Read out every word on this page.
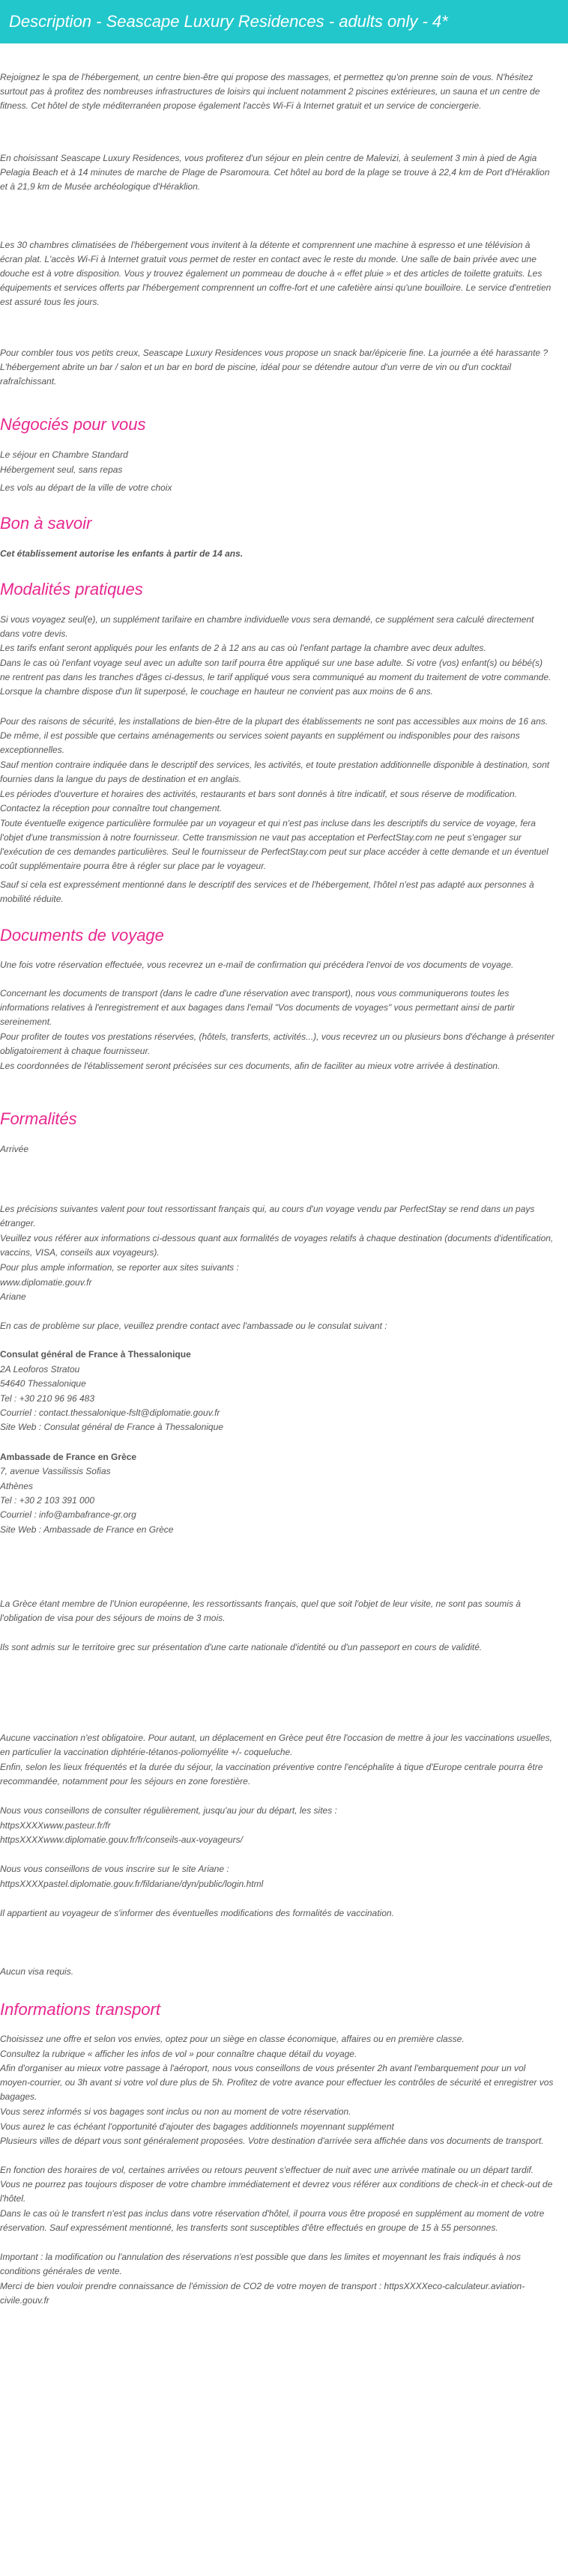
Description - Seascape Luxury Residences - adults only - 4*

Rejoignez le spa de l'hébergement, un centre bien-être qui propose des massages, et permettez qu'on prenne soin de vous. N'hésitez surtout pas à profitez des nombreuses infrastructures de loisirs qui incluent notamment 2 piscines extérieures, un sauna et un centre de fitness. Cet hôtel de style méditerranéen propose également l'accès Wi-Fi à Internet gratuit et un service de conciergerie.

En choisissant Seascape Luxury Residences, vous profiterez d'un séjour en plein centre de Malevizi, à seulement 3 min à pied de Agia Pelagia Beach et à 14 minutes de marche de Plage de Psaromoura. Cet hôtel au bord de la plage se trouve à 22,4 km de Port d'Héraklion et à 21,9 km de Musée archéologique d'Héraklion.

Les 30 chambres climatisées de l'hébergement vous invitent à la détente et comprennent une machine à espresso et une télévision à écran plat. L'accès Wi-Fi à Internet gratuit vous permet de rester en contact avec le reste du monde. Une salle de bain privée avec une douche est à votre disposition. Vous y trouvez également un pommeau de douche à « effet pluie » et des articles de toilette gratuits. Les équipements et services offerts par l'hébergement comprennent un coffre-fort et une cafetière ainsi qu'une bouilloire. Le service d'entretien est assuré tous les jours.

Pour combler tous vos petits creux, Seascape Luxury Residences vous propose un snack bar/épicerie fine. La journée a été harassante ? L'hébergement abrite un bar / salon et un bar en bord de piscine, idéal pour se détendre autour d'un verre de vin ou d'un cocktail rafraîchissant.

Négociés pour vous

Le séjour en Chambre Standard

Hébergement seul, sans repas

Les vols au départ de la ville de votre choix

Bon à savoir

Cet établissement autorise les enfants à partir de 14 ans.

Modalités pratiques

Si vous voyagez seul(e), un supplément tarifaire en chambre individuelle vous sera demandé, ce supplément sera calculé directement dans votre devis.

Les tarifs enfant seront appliqués pour les enfants de 2 à 12 ans au cas où l'enfant partage la chambre avec deux adultes.

Dans le cas où l'enfant voyage seul avec un adulte son tarif pourra être appliqué sur une base adulte. Si votre (vos) enfant(s) ou bébé(s) ne rentrent pas dans les tranches d'âges ci-dessus, le tarif appliqué vous sera communiqué au moment du traitement de votre commande. Lorsque la chambre dispose d'un lit superposé, le couchage en hauteur ne convient pas aux moins de 6 ans.

Pour des raisons de sécurité, les installations de bien-être de la plupart des établissements ne sont pas accessibles aux moins de 16 ans. De même, il est possible que certains aménagements ou services soient payants en supplément ou indisponibles pour des raisons exceptionnelles.

Sauf mention contraire indiquée dans le descriptif des services, les activités, et toute prestation additionnelle disponible à destination, sont fournies dans la langue du pays de destination et en anglais.

Les périodes d'ouverture et horaires des activités, restaurants et bars sont donnés à titre indicatif, et sous réserve de modification. Contactez la réception pour connaître tout changement.

Toute éventuelle exigence particulière formulée par un voyageur et qui n'est pas incluse dans les descriptifs du service de voyage, fera l'objet d'une transmission à notre fournisseur. Cette transmission ne vaut pas acceptation et PerfectStay.com ne peut s'engager sur l'exécution de ces demandes particulières. Seul le fournisseur de PerfectStay.com peut sur place accéder à cette demande et un éventuel coût supplémentaire pourra être à régler sur place par le voyageur.

Sauf si cela est expressément mentionné dans le descriptif des services et de l'hébergement, l'hôtel n'est pas adapté aux personnes à mobilité réduite.

Documents de voyage

Une fois votre réservation effectuée, vous recevrez un e-mail de confirmation qui précédera l'envoi de vos documents de voyage.

Concernant les documents de transport (dans le cadre d'une réservation avec transport), nous vous communiquerons toutes les informations relatives à l'enregistrement et aux bagages dans l'email "Vos documents de voyages" vous permettant ainsi de partir sereinement.

Pour profiter de toutes vos prestations réservées, (hôtels, transferts, activités...), vous recevrez un ou plusieurs bons d'échange à présenter obligatoirement à chaque fournisseur.

Les coordonnées de l'établissement seront précisées sur ces documents, afin de faciliter au mieux votre arrivée à destination.

Formalités

Arrivée

Les précisions suivantes valent pour tout ressortissant français qui, au cours d'un voyage vendu par PerfectStay se rend dans un pays étranger.

Veuillez vous référer aux informations ci-dessous quant aux formalités de voyages relatifs à chaque destination (documents d'identification, vaccins, VISA, conseils aux voyageurs).

Pour plus ample information, se reporter aux sites suivants :

www.diplomatie.gouv.fr

Ariane

En cas de problème sur place, veuillez prendre contact avec l'ambassade ou le consulat suivant :

Consulat général de France à Thessalonique

2A Leoforos Stratou

54640 Thessalonique

Tel : +30 210 96 96 483

Courriel : contact.thessalonique-fslt@diplomatie.gouv.fr

Site Web : Consulat général de France à Thessalonique

Ambassade de France en Grèce

7, avenue Vassilissis Sofias

Athènes

Tel : +30 2 103 391 000

Courriel : info@ambafrance-gr.org

Site Web : Ambassade de France en Grèce

La Grèce étant membre de l'Union européenne, les ressortissants français, quel que soit l'objet de leur visite, ne sont pas soumis à l'obligation de visa pour des séjours de moins de 3 mois.

Ils sont admis sur le territoire grec sur présentation d'une carte nationale d'identité ou d'un passeport en cours de validité.

Aucune vaccination n'est obligatoire. Pour autant, un déplacement en Grèce peut être l'occasion de mettre à jour les vaccinations usuelles, en particulier la vaccination diphtérie-tétanos-poliomyélite +/- coqueluche.

Enfin, selon les lieux fréquentés et la durée du séjour, la vaccination préventive contre l'encéphalite à tique d'Europe centrale pourra être recommandée, notamment pour les séjours en zone forestière.

Nous vous conseillons de consulter régulièrement, jusqu'au jour du départ, les sites :

httpsXXXXwww.pasteur.fr/fr

httpsXXXXwww.diplomatie.gouv.fr/fr/conseils-aux-voyageurs/

Nous vous conseillons de vous inscrire sur le site Ariane :

httpsXXXXpastel.diplomatie.gouv.fr/fildariane/dyn/public/login.html

Il appartient au voyageur de s'informer des éventuelles modifications des formalités de vaccination.

Aucun visa requis.

Informations transport

Choisissez une offre et selon vos envies, optez pour un siège en classe économique, affaires ou en première classe.

Consultez la rubrique « afficher les infos de vol » pour connaître chaque détail du voyage.

Afin d'organiser au mieux votre passage à l'aéroport, nous vous conseillons de vous présenter 2h avant l'embarquement pour un vol moyen-courrier, ou 3h avant si votre vol dure plus de 5h. Profitez de votre avance pour effectuer les contrôles de sécurité et enregistrer vos bagages.

Vous serez informés si vos bagages sont inclus ou non au moment de votre réservation.

Vous aurez le cas échéant l'opportunité d'ajouter des bagages additionnels moyennant supplément

Plusieurs villes de départ vous sont généralement proposées. Votre destination d'arrivée sera affichée dans vos documents de transport.

En fonction des horaires de vol, certaines arrivées ou retours peuvent s'effectuer de nuit avec une arrivée matinale ou un départ tardif. Vous ne pourrez pas toujours disposer de votre chambre immédiatement et devrez vous référer aux conditions de check-in et check-out de l'hôtel.

Dans le cas où le transfert n'est pas inclus dans votre réservation d'hôtel, il pourra vous être proposé en supplément au moment de votre réservation. Sauf expressément mentionné, les transferts sont susceptibles d'être effectués en groupe de 15 à 55 personnes.

Important : la modification ou l'annulation des réservations n'est possible que dans les limites et moyennant les frais indiqués à nos conditions générales de vente.

Merci de bien vouloir prendre connaissance de l'émission de CO2 de votre moyen de transport : httpsXXXXeco-calculateur.aviation-civile.gouv.fr
